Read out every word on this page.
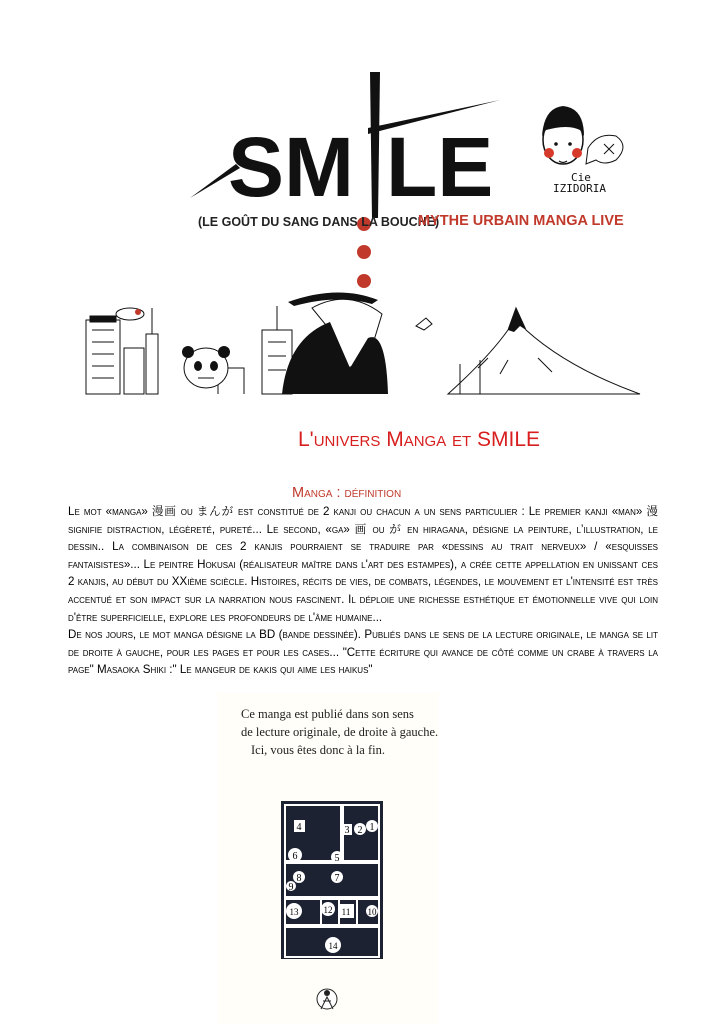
SM LE
(LE GOÛT DU SANG DANS LA BOUCHE)
MYTHE URBAIN MANGA LIVE
Cie
IZIDORIA
L'univers Manga et SMILE
Manga : définition

Le mot «manga» 漫画 ou まんが est constitué de 2 kanji ou chacun a un sens particulier : Le premier kanji «man» 漫 signifie distraction, légèreté, pureté... Le second, «ga» 画 ou が en hiragana, désigne la peinture, l’illustration, le dessin.. La combinaison de ces 2 kanjis pourraient se traduire par «dessins au trait nerveux» / «esquisses fantaisistes»... Le peintre Hokusai (réalisateur maître dans l'art des estampes), a crée cette appellation en unissant ces 2 kanjis, au début du XXième sciècle. Histoires, récits de vies, de combats, légendes, le mouvement et l'intensité est très accentué et son impact sur la narration nous fascinent. Il déploie une richesse esthétique et émotionnelle vive qui loin d'être superficielle, explore les profondeurs de l'âme humaine...

De nos jours, le mot manga désigne la BD (bande dessinée). Publiés dans le sens de la lecture originale, le manga se lit de droite à gauche, pour les pages et pour les cases... "Cette écriture qui avance de côté comme un crabe à travers la page" Masaoka Shiki :" Le mangeur de kakis qui aime les haikus"

Ce manga est publié dans son sens
de lecture originale, de droite à gauche.
Ici, vous êtes donc à la fin.
1
2
3
4
5
6
7
8
9
10
11
12
13
14
